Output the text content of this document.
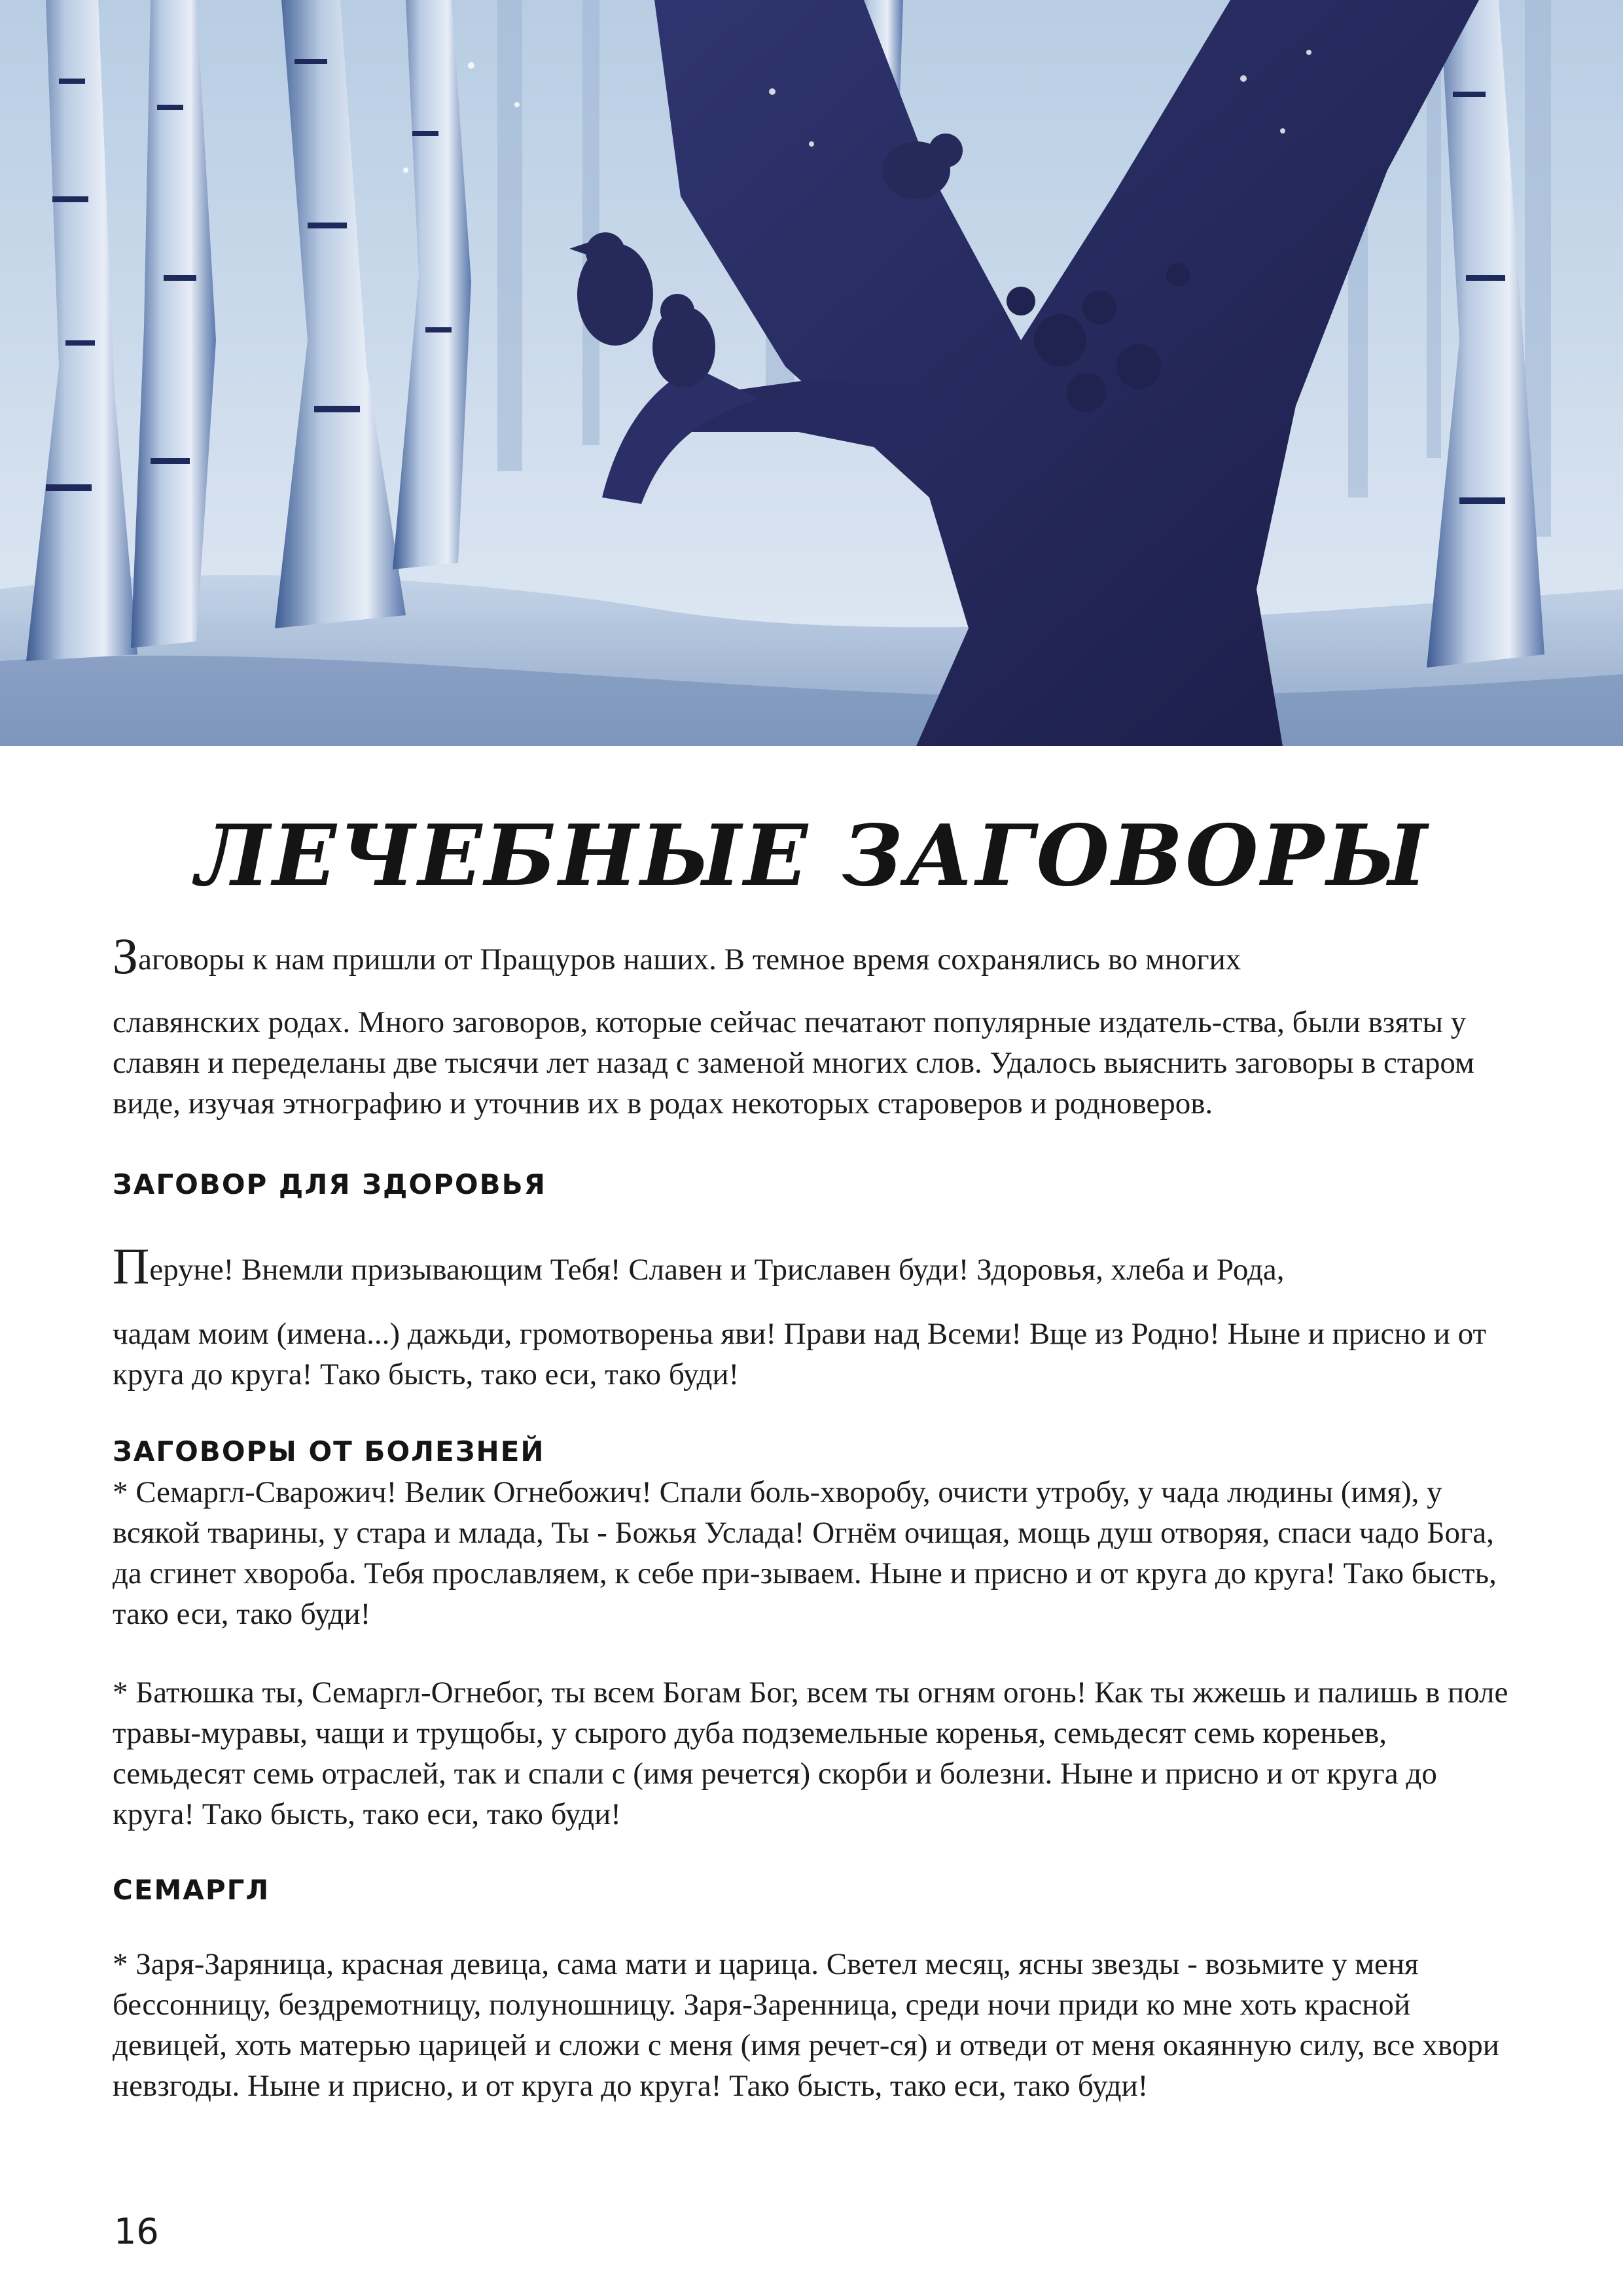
ЛЕЧЕБНЫЕ ЗАГОВОРЫ

Заговоры к нам пришли от Пращуров наших. В темное время сохранялись во многих
славянских родах. Много заговоров, которые сейчас печатают популярные издатель-ства, были взяты у славян и переделаны две тысячи лет назад с заменой многих слов. Удалось выяснить заговоры в старом виде, изучая этнографию и уточнив их в родах некоторых староверов и родноверов.

ЗАГОВОР ДЛЯ ЗДОРОВЬЯ

Перуне! Внемли призывающим Тебя! Славен и Триславен буди! Здоровья, хлеба и Рода,
чадам моим (имена...) дажьди, громотвореньа яви! Прави над Всеми! Вще из Родно! Ныне и присно и от круга до круга! Тако бысть, тако еси, тако буди!

ЗАГОВОРЫ ОТ БОЛЕЗНЕЙ

* Семаргл-Сварожич! Велик Огнебожич! Спали боль-хворобу, очисти утробу, у чада людины (имя), у всякой тварины, у стара и млада, Ты - Божья Услада! Огнём очищая, мощь душ отворяя, спаси чадо Бога, да сгинет хвороба. Тебя прославляем, к себе при-зываем. Ныне и присно и от круга до круга! Тако бысть, тако еси, тако буди!

* Батюшка ты, Семаргл-Огнебог, ты всем Богам Бог, всем ты огням огонь! Как ты жжешь и палишь в поле травы-муравы, чащи и трущобы, у сырого дуба подземельные коренья, семьдесят семь кореньев, семьдесят семь отраслей, так и спали с (имя речется) скорби и болезни. Ныне и присно и от круга до круга! Тако бысть, тако еси, тако буди!

СЕМАРГЛ

* Заря-Заряница, красная девица, сама мати и царица. Светел месяц, ясны звезды - возьмите у меня бессонницу, бездремотницу, полуношницу. Заря-Заренница, среди ночи приди ко мне хоть красной девицей, хоть матерью царицей и сложи с меня (имя речет-ся) и отведи от меня окаянную силу, все хвори невзгоды. Ныне и присно, и от круга до круга! Тако бысть, тако еси, тако буди!

16
